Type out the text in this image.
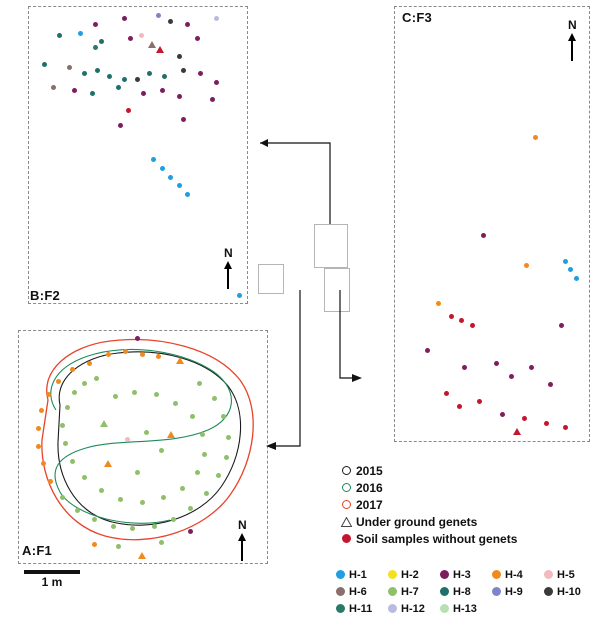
B:F2
A:F1
C:F3
N
N
N
1 m
2015
2016
2017
Under ground genets
Soil samples without genets
H-1	H-2	H-3	H-4	H-5
H-6	H-7	H-8	H-9	H-10
H-11	H-12	H-13
